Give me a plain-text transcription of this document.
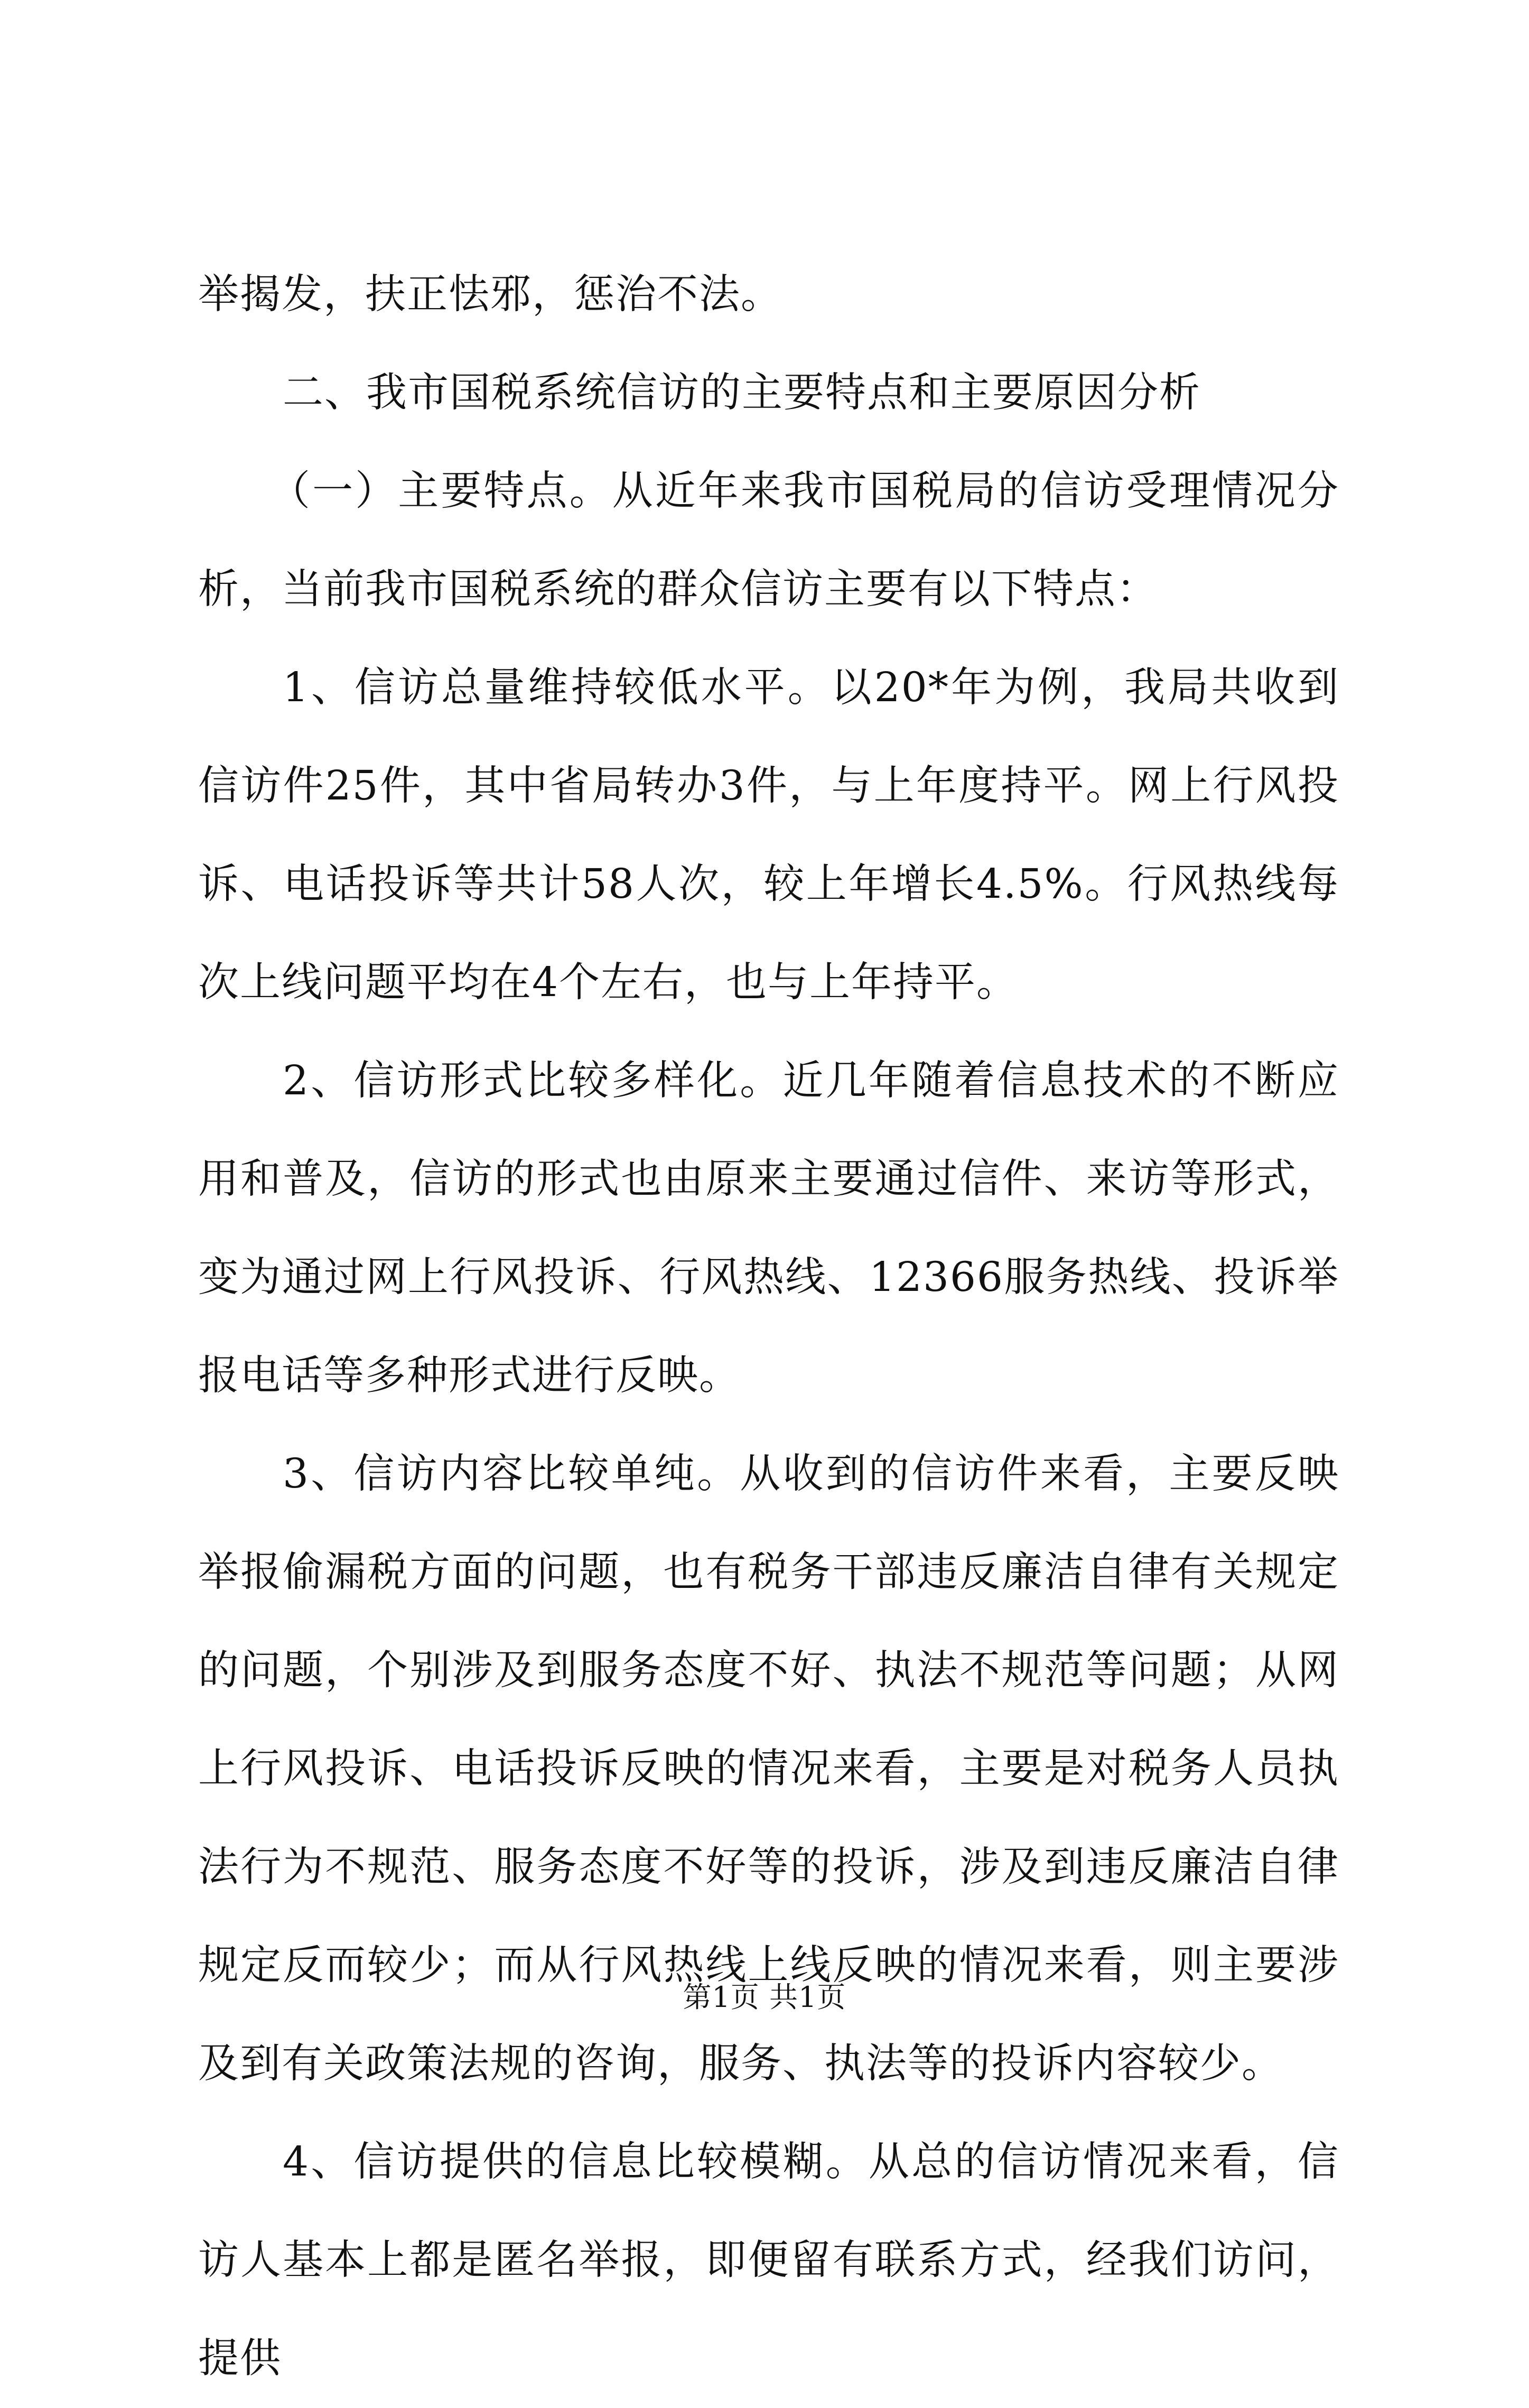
举揭发，扶正怯邪，惩治不法。

二、我市国税系统信访的主要特点和主要原因分析

（一）主要特点。从近年来我市国税局的信访受理情况分析，当前我市国税系统的群众信访主要有以下特点：

1、信访总量维持较低水平。以20*年为例，我局共收到信访件25件，其中省局转办3件，与上年度持平。网上行风投诉、电话投诉等共计58人次，较上年增长4.5%。行风热线每次上线问题平均在4个左右，也与上年持平。

2、信访形式比较多样化。近几年随着信息技术的不断应用和普及，信访的形式也由原来主要通过信件、来访等形式，变为通过网上行风投诉、行风热线、12366服务热线、投诉举报电话等多种形式进行反映。

3、信访内容比较单纯。从收到的信访件来看，主要反映举报偷漏税方面的问题，也有税务干部违反廉洁自律有关规定的问题，个别涉及到服务态度不好、执法不规范等问题；从网上行风投诉、电话投诉反映的情况来看，主要是对税务人员执法行为不规范、服务态度不好等的投诉，涉及到违反廉洁自律规定反而较少；而从行风热线上线反映的情况来看，则主要涉及到有关政策法规的咨询，服务、执法等的投诉内容较少。

4、信访提供的信息比较模糊。从总的信访情况来看，信访人基本上都是匿名举报，即便留有联系方式，经我们访问，提供

第1页 共1页
